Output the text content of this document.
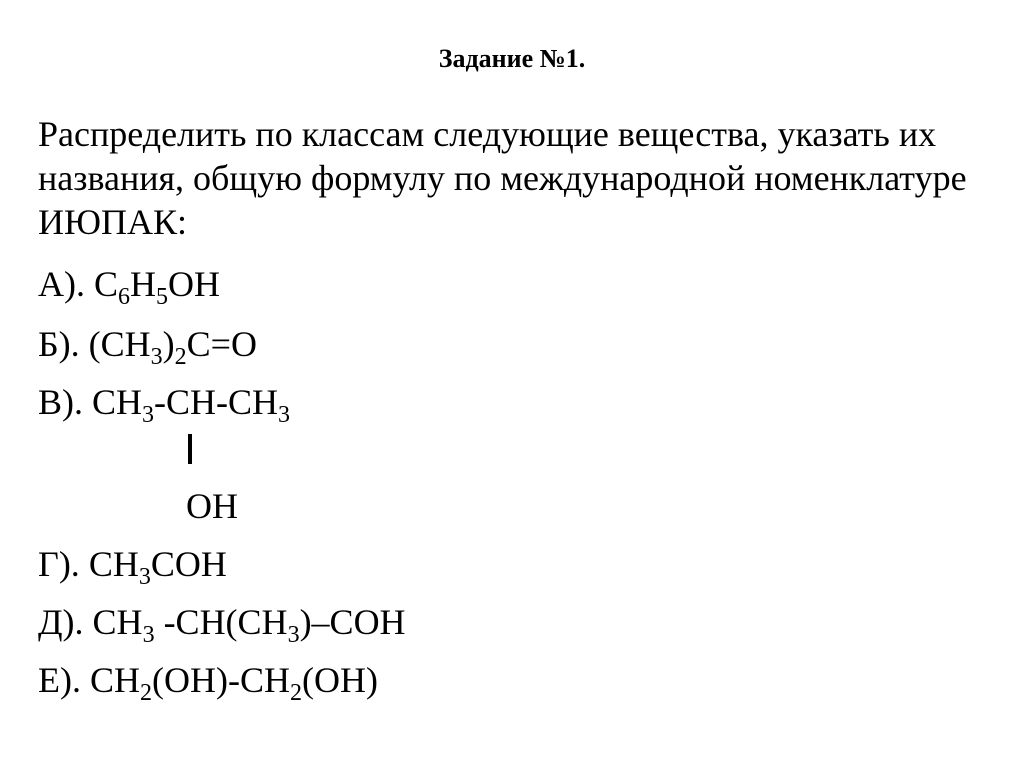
Задание №1.
Распределить по классам следующие вещества, указать их названия, общую формулу по международной номенклатуре ИЮПАК:
А). $C_6H_5OH$
Б). $(CH_3)_2C=O$
В). $CH_3-CH-CH_3$
OH
Г). $CH_3COH$
Д). $CH_3$ $-CH(CH_3)$–COH
Е). $CH_2(OH)-CH_2(OH)$
